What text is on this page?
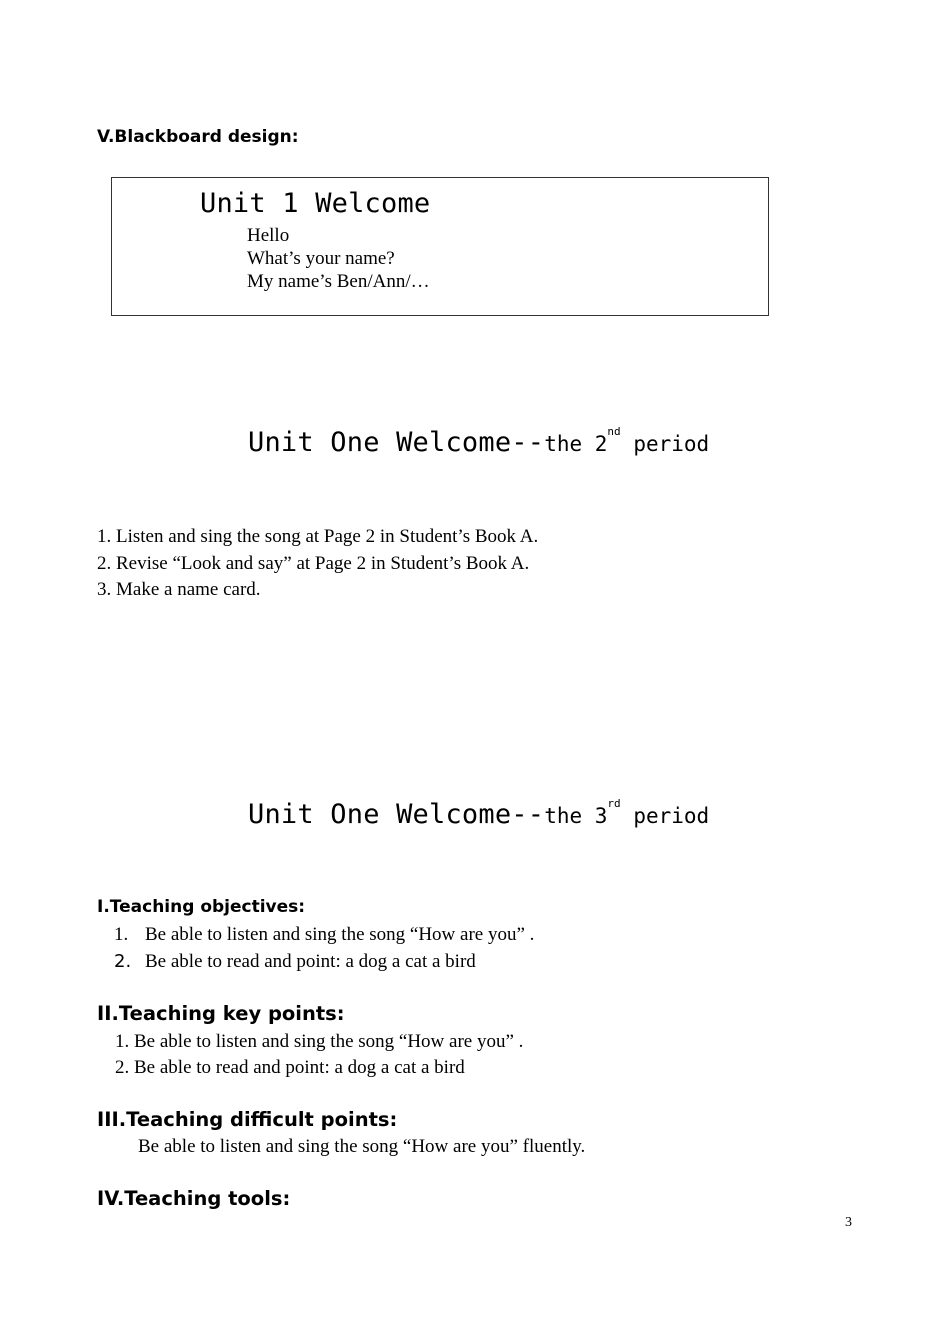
V.Blackboard design:
Unit 1 Welcome
Hello
What’s your name?
My name’s Ben/Ann/…
Unit One Welcome--the 2nd period
1. Listen and sing the song at Page 2 in Student’s Book A.
2. Revise “Look and say” at Page 2 in Student’s Book A.
3. Make a name card.
Unit One Welcome--the 3rd period
I.Teaching objectives:
1. Be able to listen and sing the song “How are you” .
2. Be able to read and point: a dog a cat a bird
II.Teaching key points:
1. Be able to listen and sing the song “How are you” .
2. Be able to read and point: a dog a cat a bird
III.Teaching difficult points:
Be able to listen and sing the song “How are you” fluently.
IV.Teaching tools:
3
